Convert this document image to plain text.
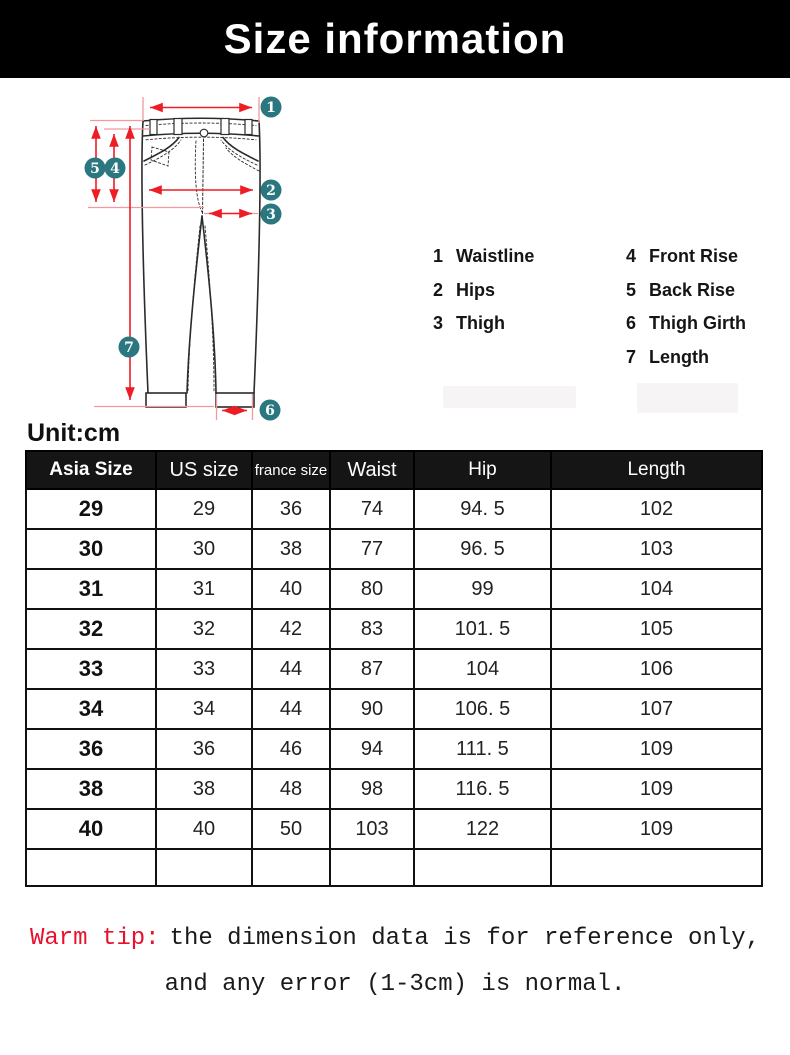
Size information
1
5 4
2
3
7
6
1 Waistline
2 Hips
3 Thigh
4 Front Rise
5 Back Rise
6 Thigh Girth
7 Length
Unit:cm
Asia Size	US size	france size	Waist	Hip	Length
29	29	36	74	94. 5	102
30	30	38	77	96. 5	103
31	31	40	80	99	104
32	32	42	83	101. 5	105
33	33	44	87	104	106
34	34	44	90	106. 5	107
36	36	46	94	111. 5	109
38	38	48	98	116. 5	109
40	40	50	103	122	109

Warm tip: the dimension data is for reference only,
and any error (1-3cm) is normal.
